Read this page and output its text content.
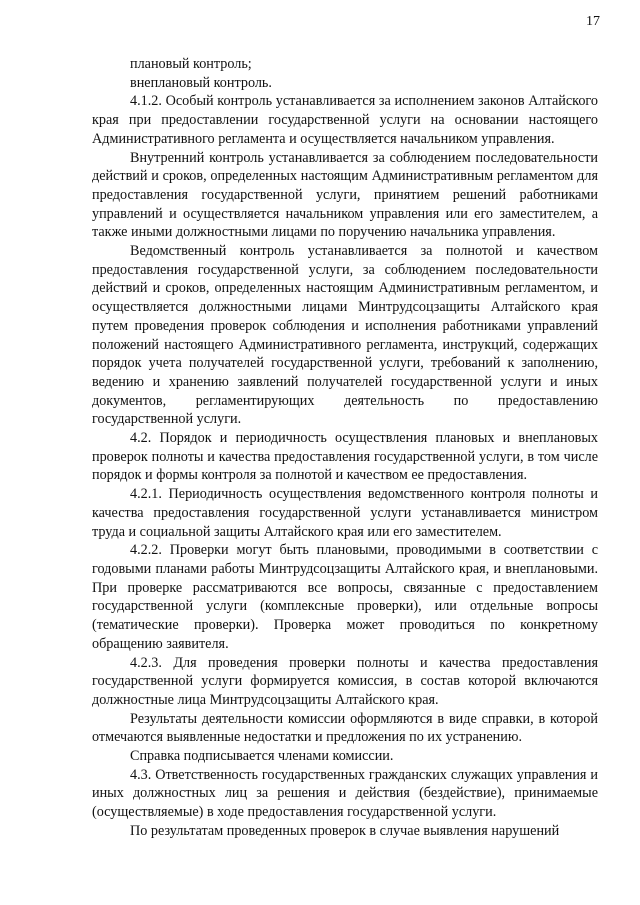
17

плановый контроль;

внеплановый контроль.

4.1.2. Особый контроль устанавливается за исполнением законов Алтайского края при предоставлении государственной услуги на основании настоящего Административного регламента и осуществляется начальником управления.

Внутренний контроль устанавливается за соблюдением последовательности действий и сроков, определенных настоящим Административным регламентом для предоставления государственной услуги, принятием решений работниками управлений и осуществляется начальником управления или его заместителем, а также иными должностными лицами по поручению начальника управления.

Ведомственный контроль устанавливается за полнотой и качеством предоставления государственной услуги, за соблюдением последовательности действий и сроков, определенных настоящим Административным регламентом, и осуществляется должностными лицами Минтрудсоцзащиты Алтайского края путем проведения проверок соблюдения и исполнения работниками управлений положений настоящего Административного регламента, инструкций, содержащих порядок учета получателей государственной услуги, требований к заполнению, ведению и хранению заявлений получателей государственной услуги и иных документов, регламентирующих деятельность по предоставлению государственной услуги.

4.2. Порядок и периодичность осуществления плановых и внеплановых проверок полноты и качества предоставления государственной услуги, в том числе порядок и формы контроля за полнотой и качеством ее предоставления.

4.2.1. Периодичность осуществления ведомственного контроля полноты и качества предоставления государственной услуги устанавливается министром труда и социальной защиты Алтайского края или его заместителем.

4.2.2. Проверки могут быть плановыми, проводимыми в соответствии с годовыми планами работы Минтрудсоцзащиты Алтайского края, и внеплановыми. При проверке рассматриваются все вопросы, связанные с предоставлением государственной услуги (комплексные проверки), или отдельные вопросы (тематические проверки). Проверка может проводиться по конкретному обращению заявителя.

4.2.3. Для проведения проверки полноты и качества предоставления государственной услуги формируется комиссия, в состав которой включаются должностные лица Минтрудсоцзащиты Алтайского края.

Результаты деятельности комиссии оформляются в виде справки, в которой отмечаются выявленные недостатки и предложения по их устранению.

Справка подписывается членами комиссии.

4.3. Ответственность государственных гражданских служащих управления и иных должностных лиц за решения и действия (бездействие), принимаемые (осуществляемые) в ходе предоставления государственной услуги.

По результатам проведенных проверок в случае выявления нарушений
